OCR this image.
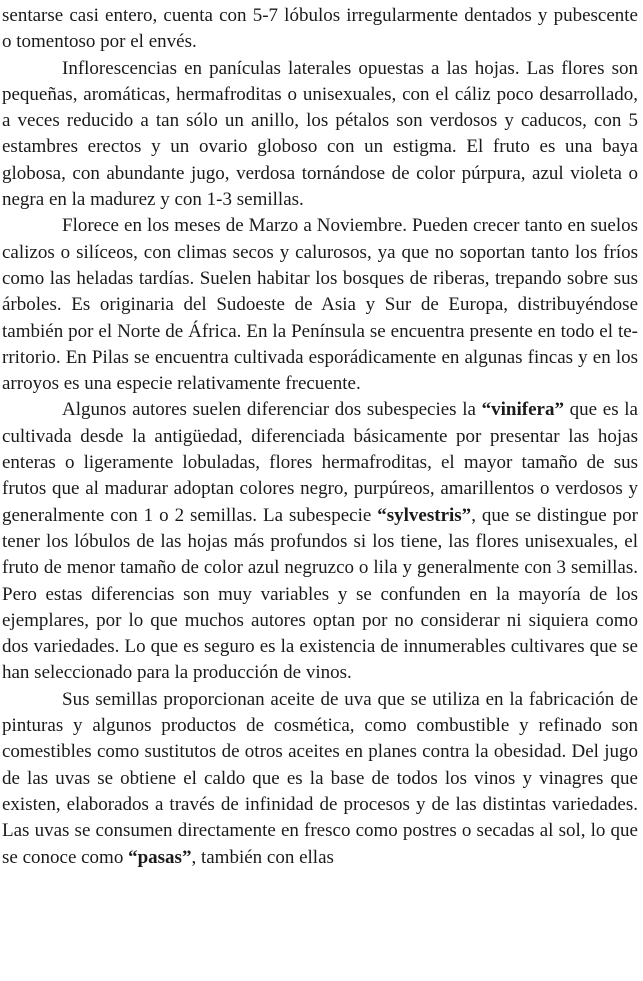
sentarse casi entero, cuenta con 5-7 lóbulos irregularmente dentados y pubescente o tomentoso por el envés.

Inflorescencias en panículas laterales opuestas a las hojas. Las flores son pequeñas, aromáticas, hermafroditas o unisexuales, con el cáliz poco desarrollado, a veces reducido a tan sólo un anillo, los pétalos son verdosos y caducos, con 5 estambres erectos y un ovario globoso con un estigma. El fruto es una baya globosa, con abundante jugo, verdosa tornándose de color púrpura, azul violeta o negra en la madurez y con 1-3 semillas.

Florece en los meses de Marzo a Noviembre. Pueden crecer tanto en suelos calizos o silíceos, con climas secos y calurosos, ya que no soportan tanto los fríos como las heladas tardías. Suelen habitar los bosques de riberas, trepando sobre sus árboles. Es originaria del Sudoeste de Asia y Sur de Europa, distribuyéndose también por el Norte de África. En la Península se encuentra presente en todo el territorio. En Pilas se encuentra cultivada esporádicamente en algunas fincas y en los arroyos es una especie relativamente frecuente.

Algunos autores suelen diferenciar dos subespecies la “vinifera” que es la cultivada desde la antigüedad, diferenciada básicamente por presentar las hojas enteras o ligeramente lobuladas, flores hermafroditas, el mayor tamaño de sus frutos que al madurar adoptan colores negro, purpúreos, amarillentos o verdosos y generalmente con 1 o 2 semillas. La subespecie “sylvestris”, que se distingue por tener los lóbulos de las hojas más profundos si los tiene, las flores unisexuales, el fruto de menor tamaño de color azul negruzco o lila y generalmente con 3 semillas. Pero estas diferencias son muy variables y se confunden en la mayoría de los ejemplares, por lo que muchos autores optan por no considerar ni siquiera como dos variedades. Lo que es seguro es la existencia de innumerables cultivares que se han seleccionado para la producción de vinos.

Sus semillas proporcionan aceite de uva que se utiliza en la fabricación de pinturas y algunos productos de cosmética, como combustible y refinado son comestibles como sustitutos de otros aceites en planes contra la obesidad. Del jugo de las uvas se obtiene el caldo que es la base de todos los vinos y vinagres que existen, elaborados a través de infinidad de procesos y de las distintas variedades. Las uvas se consumen directamente en fresco como postres o secadas al sol, lo que se conoce como “pasas”, también con ellas
